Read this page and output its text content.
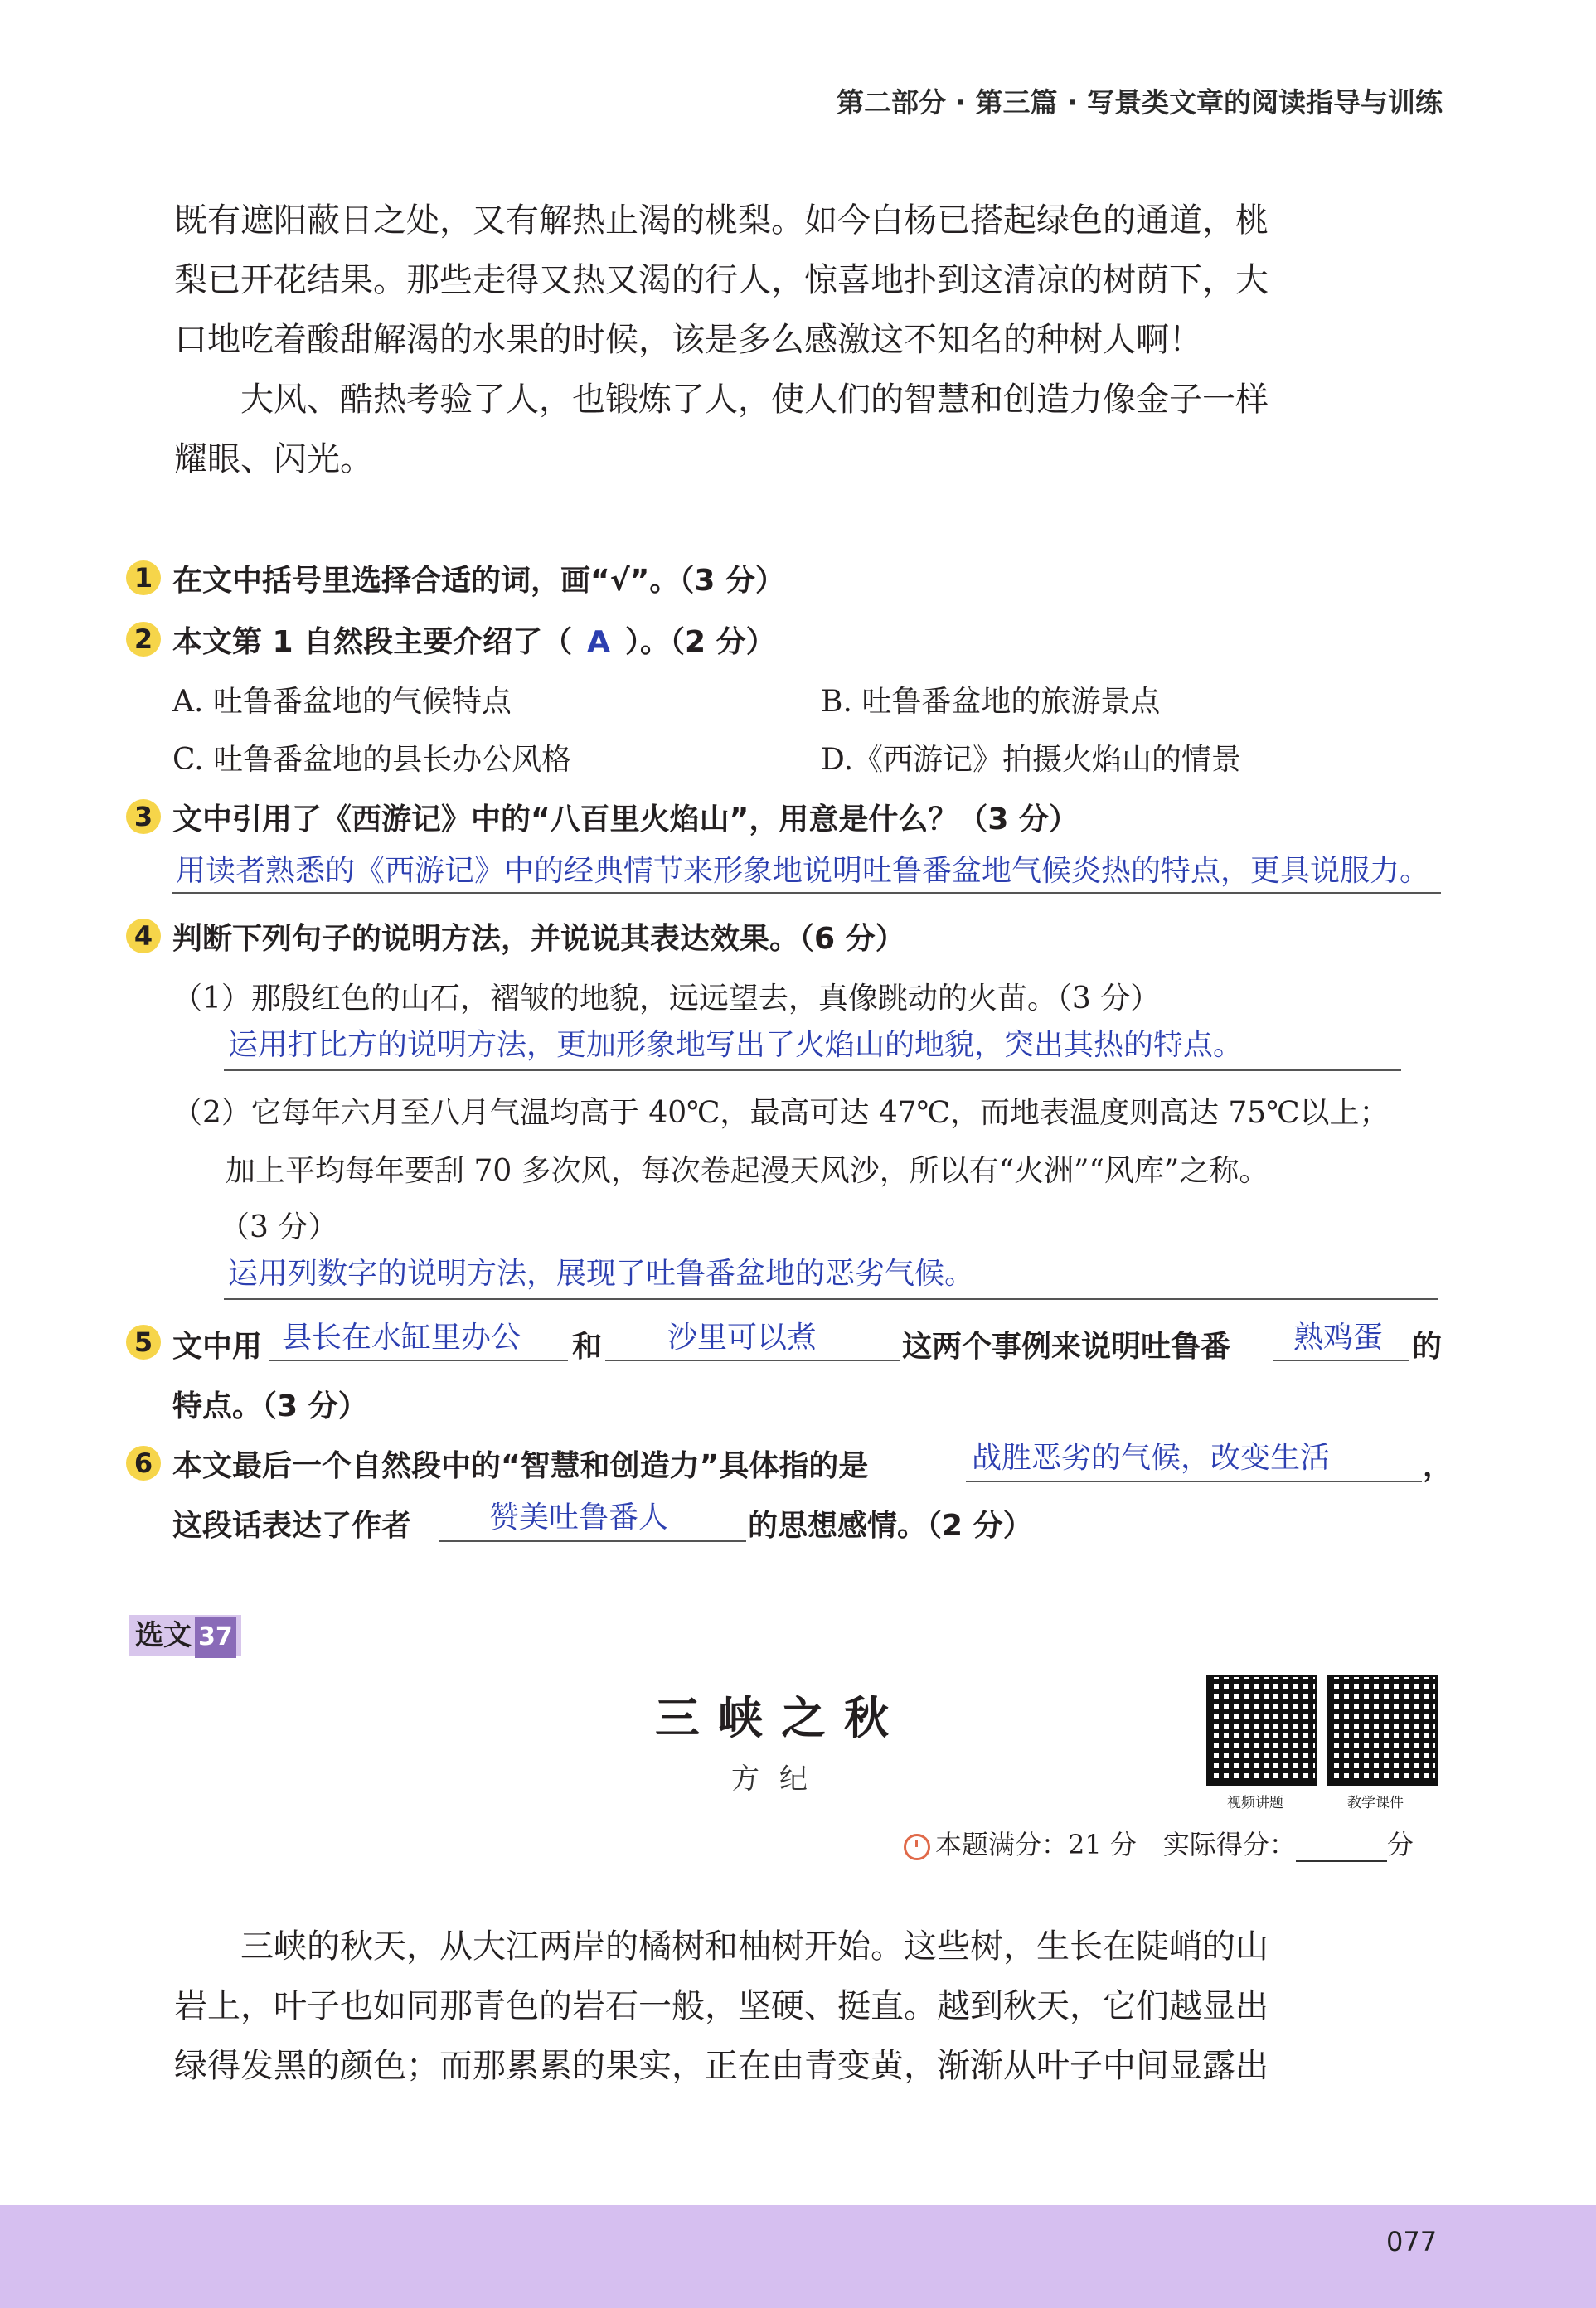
第二部分 · 第三篇 · 写景类文章的阅读指导与训练

既有遮阳蔽日之处，又有解热止渴的桃梨。如今白杨已搭起绿色的通道，桃

梨已开花结果。那些走得又热又渴的行人，惊喜地扑到这清凉的树荫下，大

口地吃着酸甜解渴的水果的时候，该是多么感激这不知名的种树人啊！

　　大风、酷热考验了人，也锻炼了人，使人们的智慧和创造力像金子一样

耀眼、闪光。

1 在文中括号里选择合适的词，画“√”。（3 分）
2 本文第 1 自然段主要介绍了（ A ）。（2 分）
A. 吐鲁番盆地的气候特点	B. 吐鲁番盆地的旅游景点
C. 吐鲁番盆地的县长办公风格	D.《西游记》拍摄火焰山的情景
3 文中引用了《西游记》中的“八百里火焰山”，用意是什么？（3 分）
用读者熟悉的《西游记》中的经典情节来形象地说明吐鲁番盆地气候炎热的特点，更具说服力。
4 判断下列句子的说明方法，并说说其表达效果。（6 分）
（1）那殷红色的山石，褶皱的地貌，远远望去，真像跳动的火苗。（3 分）
运用打比方的说明方法，更加形象地写出了火焰山的地貌，突出其热的特点。
（2）它每年六月至八月气温均高于 40℃，最高可达 47℃，而地表温度则高达 75℃以上；
加上平均每年要刮 70 多次风，每次卷起漫天风沙，所以有“火洲”“风库”之称。
（3 分）
运用列数字的说明方法，展现了吐鲁番盆地的恶劣气候。
5 文中用 县长在水缸里办公 和 沙里可以煮	这两个事例来说明吐鲁番 熟鸡蛋 的
特点。（3 分）
6 本文最后一个自然段中的“智慧和创造力”具体指的是	战胜恶劣的气候，改变生活	，
这段话表达了作者	赞美吐鲁番人	的思想感情。（2 分）
选文 37
三峡之秋
方纪
视频讲题	教学课件
本题满分：21 分　实际得分：	分

　　三峡的秋天，从大江两岸的橘树和柚树开始。这些树，生长在陡峭的山

岩上，叶子也如同那青色的岩石一般，坚硬、挺直。越到秋天，它们越显出

绿得发黑的颜色；而那累累的果实，正在由青变黄，渐渐从叶子中间显露出

077
